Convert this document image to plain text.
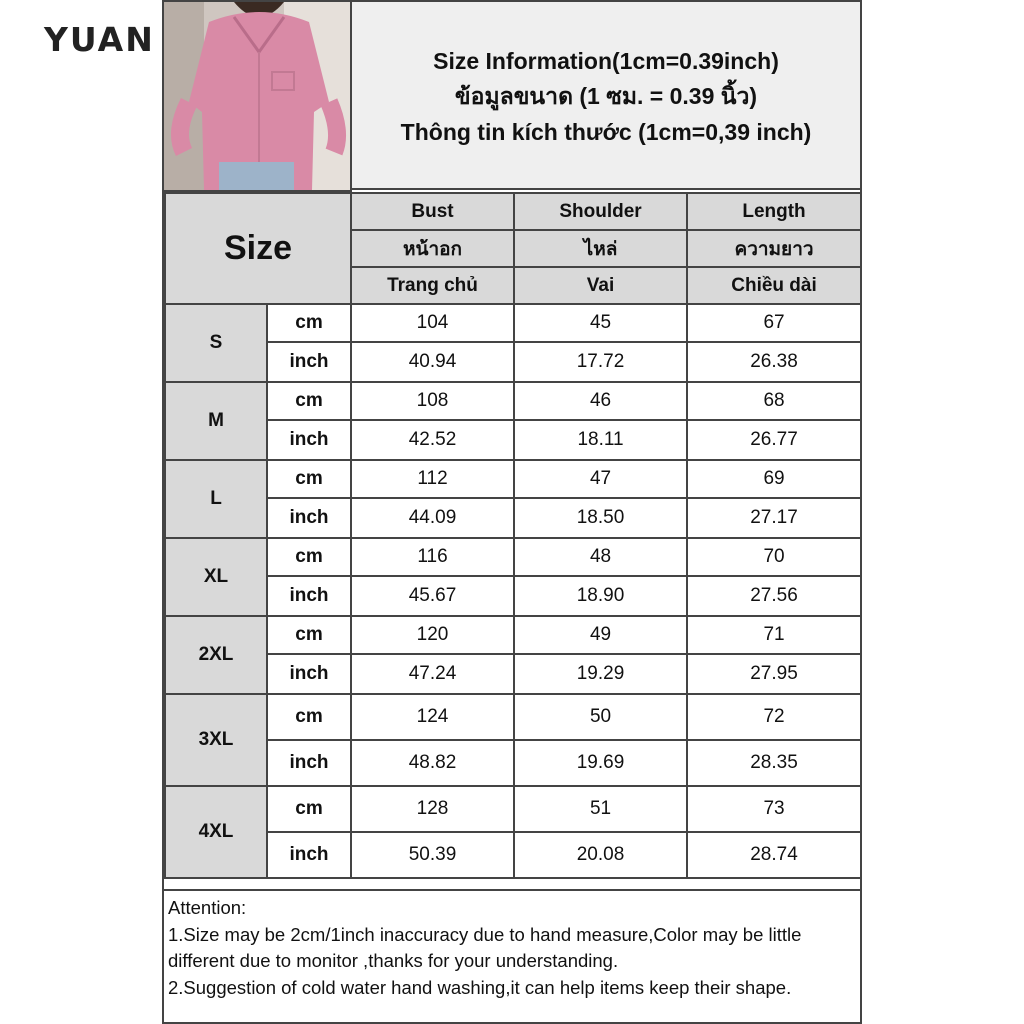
YUAN
Size Information(1cm=0.39inch)
ข้อมูลขนาด (1 ซม. = 0.39 นิ้ว)
Thông tin kích thước (1cm=0,39 inch)
Size		Bust	Shoulder	Length
		หน้าอก	ไหล่	ความยาว
		Trang chủ	Vai	Chiều dài
S	cm	104	45	67
	inch	40.94	17.72	26.38
M	cm	108	46	68
	inch	42.52	18.11	26.77
L	cm	112	47	69
	inch	44.09	18.50	27.17
XL	cm	116	48	70
	inch	45.67	18.90	27.56
2XL	cm	120	49	71
	inch	47.24	19.29	27.95
3XL	cm	124	50	72
	inch	48.82	19.69	28.35
4XL	cm	128	51	73
	inch	50.39	20.08	28.74
Attention:
1.Size may be 2cm/1inch inaccuracy due to hand measure,Color may be little different due to monitor ,thanks for your understanding.
2.Suggestion of cold water hand washing,it can help items keep their shape.
